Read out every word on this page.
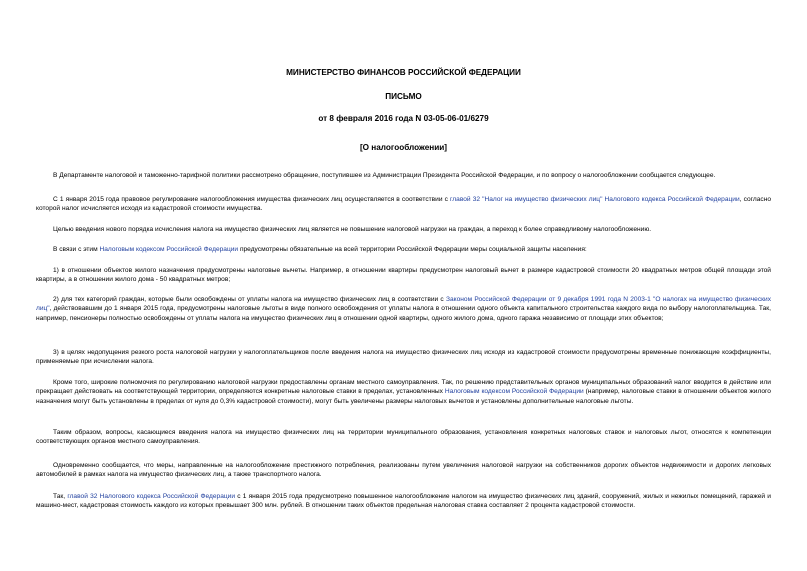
МИНИСТЕРСТВО ФИНАНСОВ РОССИЙСКОЙ ФЕДЕРАЦИИ
ПИСЬМО
от 8 февраля 2016 года N 03-05-06-01/6279
[О налогообложении]

В Департаменте налоговой и таможенно-тарифной политики рассмотрено обращение, поступившее из Администрации Президента Российской Федерации, и по вопросу о налогообложении сообщается следующее.

С 1 января 2015 года правовое регулирование налогообложения имущества физических лиц осуществляется в соответствии с главой 32 "Налог на имущество физических лиц" Налогового кодекса Российской Федерации, согласно которой налог исчисляется исходя из кадастровой стоимости имущества.

Целью введения нового порядка исчисления налога на имущество физических лиц является не повышение налоговой нагрузки на граждан, а переход к более справедливому налогообложению.

В связи с этим Налоговым кодексом Российской Федерации предусмотрены обязательные на всей территории Российской Федерации меры социальной защиты населения:

1) в отношении объектов жилого назначения предусмотрены налоговые вычеты. Например, в отношении квартиры предусмотрен налоговый вычет в размере кадастровой стоимости 20 квадратных метров общей площади этой квартиры, а в отношении жилого дома - 50 квадратных метров;

2) для тех категорий граждан, которые были освобождены от уплаты налога на имущество физических лиц в соответствии с Законом Российской Федерации от 9 декабря 1991 года N 2003-1 "О налогах на имущество физических лиц", действовавшим до 1 января 2015 года, предусмотрены налоговые льготы в виде полного освобождения от уплаты налога в отношении одного объекта капитального строительства каждого вида по выбору налогоплательщика. Так, например, пенсионеры полностью освобождены от уплаты налога на имущество физических лиц в отношении одной квартиры, одного жилого дома, одного гаража независимо от площади этих объектов;

3) в целях недопущения резкого роста налоговой нагрузки у налогоплательщиков после введения налога на имущество физических лиц исходя из кадастровой стоимости предусмотрены временные понижающие коэффициенты, применяемые при исчислении налога.

Кроме того, широкие полномочия по регулированию налоговой нагрузки предоставлены органам местного самоуправления. Так, по решению представительных органов муниципальных образований налог вводится в действие или прекращает действовать на соответствующей территории, определяются конкретные налоговые ставки в пределах, установленных Налоговым кодексом Российской Федерации (например, налоговые ставки в отношении объектов жилого назначения могут быть установлены в пределах от нуля до 0,3% кадастровой стоимости), могут быть увеличены размеры налоговых вычетов и установлены дополнительные налоговые льготы.

Таким образом, вопросы, касающиеся введения налога на имущество физических лиц на территории муниципального образования, установления конкретных налоговых ставок и налоговых льгот, относятся к компетенции соответствующих органов местного самоуправления.

Одновременно сообщается, что меры, направленные на налогообложение престижного потребления, реализованы путем увеличения налоговой нагрузки на собственников дорогих объектов недвижимости и дорогих легковых автомобилей в рамках налога на имущество физических лиц, а также транспортного налога.

Так, главой 32 Налогового кодекса Российской Федерации с 1 января 2015 года предусмотрено повышенное налогообложение налогом на имущество физических лиц зданий, сооружений, жилых и нежилых помещений, гаражей и машино-мест, кадастровая стоимость каждого из которых превышает 300 млн. рублей. В отношении таких объектов предельная налоговая ставка составляет 2 процента кадастровой стоимости.
